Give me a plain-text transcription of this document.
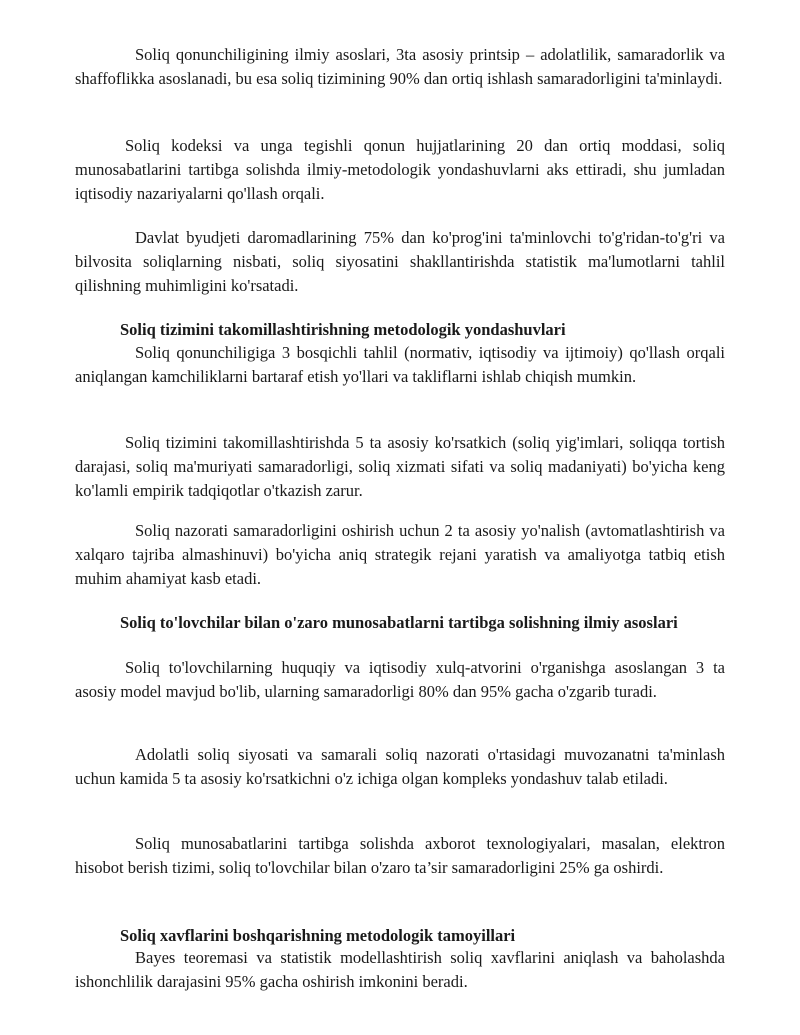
Soliq qonunchiligining ilmiy asoslari, 3ta asosiy printsip – adolatlilik, samaradorlik va shaffoflikka asoslanadi, bu esa soliq tizimining 90% dan ortiq ishlash samaradorligini ta'minlaydi.

Soliq kodeksi va unga tegishli qonun hujjatlarining 20 dan ortiq moddasi, soliq munosabatlarini tartibga solishda ilmiy-metodologik yondashuvlarni aks ettiradi, shu jumladan iqtisodiy nazariyalarni qo'llash orqali.

Davlat byudjeti daromadlarining 75% dan ko'prog'ini ta'minlovchi to'g'ridan-to'g'ri va bilvosita soliqlarning nisbati, soliq siyosatini shakllantirishda statistik ma'lumotlarni tahlil qilishning muhimligini ko'rsatadi.

Soliq tizimini takomillashtirishning metodologik yondashuvlari

Soliq qonunchiligiga 3 bosqichli tahlil (normativ, iqtisodiy va ijtimoiy) qo'llash orqali aniqlangan kamchiliklarni bartaraf etish yo'llari va takliflarni ishlab chiqish mumkin.

Soliq tizimini takomillashtirishda 5 ta asosiy ko'rsatkich (soliq yig'imlari, soliqqa tortish darajasi, soliq ma'muriyati samaradorligi, soliq xizmati sifati va soliq madaniyati) bo'yicha keng ko'lamli empirik tadqiqotlar o'tkazish zarur.

Soliq nazorati samaradorligini oshirish uchun 2 ta asosiy yo'nalish (avtomatlashtirish va xalqaro tajriba almashinuvi) bo'yicha aniq strategik rejani yaratish va amaliyotga tatbiq etish muhim ahamiyat kasb etadi.

Soliq to'lovchilar bilan o'zaro munosabatlarni tartibga solishning ilmiy asoslari

Soliq to'lovchilarning huquqiy va iqtisodiy xulq-atvorini o'rganishga asoslangan 3 ta asosiy model mavjud bo'lib, ularning samaradorligi 80% dan 95% gacha o'zgarib turadi.

Adolatli soliq siyosati va samarali soliq nazorati o'rtasidagi muvozanatni ta'minlash uchun kamida 5 ta asosiy ko'rsatkichni o'z ichiga olgan kompleks yondashuv talab etiladi.

Soliq munosabatlarini tartibga solishda axborot texnologiyalari, masalan, elektron hisobot berish tizimi, soliq to'lovchilar bilan o'zaro ta’sir samaradorligini 25% ga oshirdi.

Soliq xavflarini boshqarishning metodologik tamoyillari

Bayes teoremasi va statistik modellashtirish soliq xavflarini aniqlash va baholashda ishonchlilik darajasini 95% gacha oshirish imkonini beradi.
